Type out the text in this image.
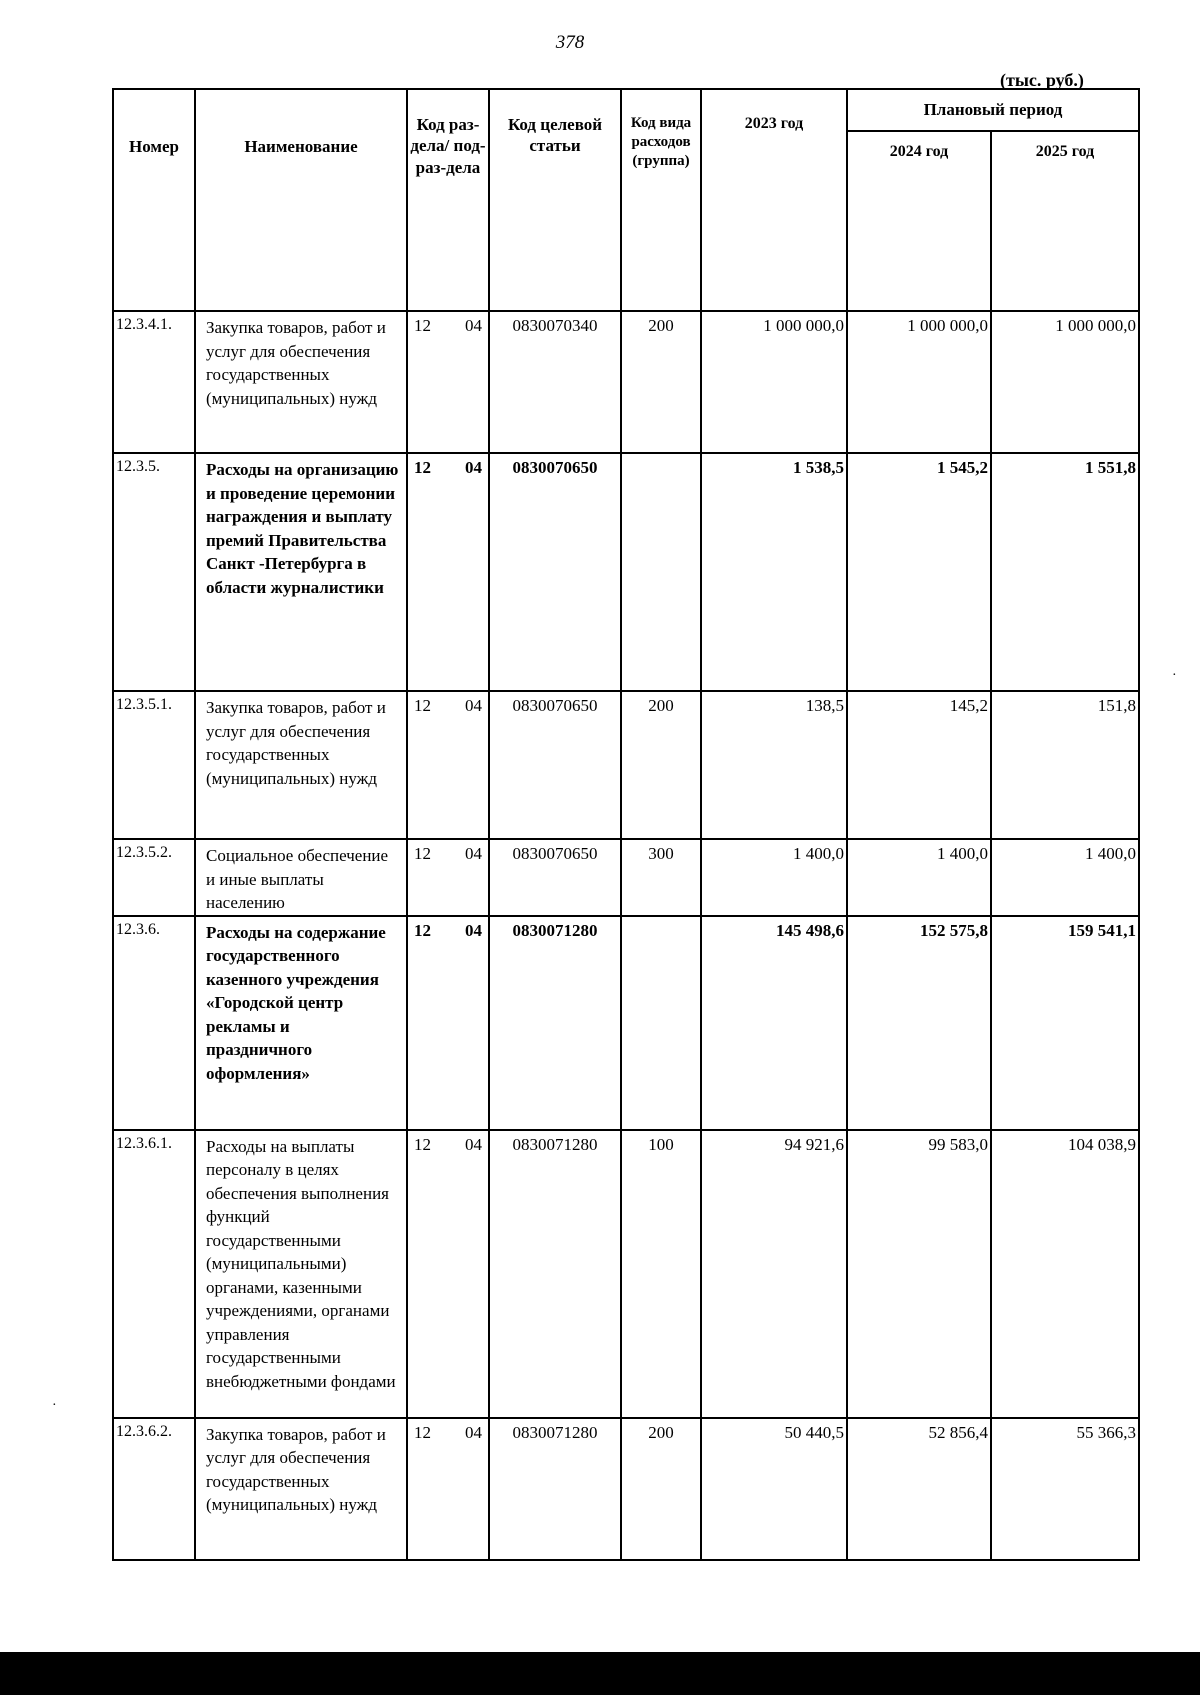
378
(тыс. руб.)
Номер	Наименование	Код раз-дела/ под-раз-дела	Код целевой статьи	Код вида расходов (группа)	2023 год	Плановый период	
						2024 год	2025 год
12.3.4.1.	Закупка товаров, работ и услуг для обеспечения государственных (муниципальных) нужд	12 04	0830070340	200	1 000 000,0	1 000 000,0	1 000 000,0
12.3.5.	Расходы на организацию и проведение церемонии награждения и выплату премий Правительства Санкт -Петербурга в области журналистики	12 04	0830070650		1 538,5	1 545,2	1 551,8
12.3.5.1.	Закупка товаров, работ и услуг для обеспечения государственных (муниципальных) нужд	12 04	0830070650	200	138,5	145,2	151,8
12.3.5.2.	Социальное обеспечение и иные выплаты населению	12 04	0830070650	300	1 400,0	1 400,0	1 400,0
12.3.6.	Расходы на содержание государственного казенного учреждения «Городской центр рекламы и праздничного оформления»	12 04	0830071280		145 498,6	152 575,8	159 541,1
12.3.6.1.	Расходы на выплаты персоналу в целях обеспечения выполнения функций государственными (муниципальными) органами, казенными учреждениями, органами управления государственными внебюджетными фондами	12 04	0830071280	100	94 921,6	99 583,0	104 038,9
12.3.6.2.	Закупка товаров, работ и услуг для обеспечения государственных (муниципальных) нужд	12 04	0830071280	200	50 440,5	52 856,4	55 366,3
·
·
